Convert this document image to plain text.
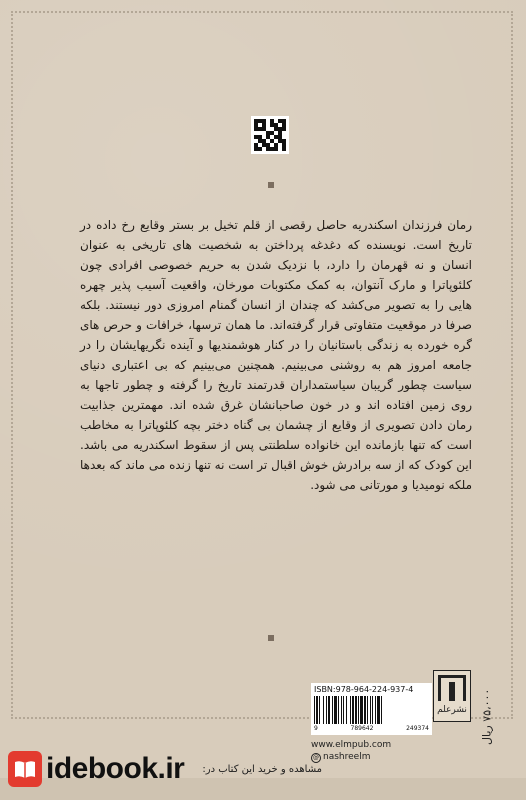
رمان فرزندان اسکندریه حاصل رقصی از قلم تخیل بر بستر وقایع رخ داده در تاریخ است. نویسنده که دغدغه پرداختن به شخصیت های تاریخی به عنوان انسان و نه قهرمان را دارد، با نزدیک شدن به حریم خصوصی افرادی چون کلئوپاترا و مارک آنتوان، به کمک مکتوبات مورخان، واقعیت آسیب پذیر چهره هایی را به تصویر می‌کشد که چندان از انسان گمنام امروزی دور نیستند. بلکه صرفا در موقعیت متفاوتی قرار گرفته‌اند. ما همان ترسها، خرافات و حرص های گره خورده به زندگی باستانیان را در کنار هوشمندیها و آینده نگریهایشان را در جامعه امروز هم به روشنی می‌بینیم. همچنین می‌بینیم که بی اعتباری دنیای سیاست چطور گریبان سیاستمداران قدرتمند تاریخ را گرفته و چطور تاجها به روی زمین افتاده اند و در خون صاحبانشان غرق شده اند. مهمترین جذابیت رمان دادن تصویری از وقایع از چشمان بی گناه دختر بچه کلئوپاترا به مخاطب است که تنها بازمانده این خانواده سلطنتی پس از سقوط اسکندریه می باشد. این کودک که از سه برادرش خوش اقبال تر است نه تنها زنده می ماند که بعدها ملکه نومیدیا و مورتانی می شود.
نشرعلم
۷۵،۰۰۰ ریال
ISBN:978-964-224-937-4
9	789642	249374
www.elmpub.com
@ nashreelm
مشاهده و خرید این کتاب در:
idebook.ir
